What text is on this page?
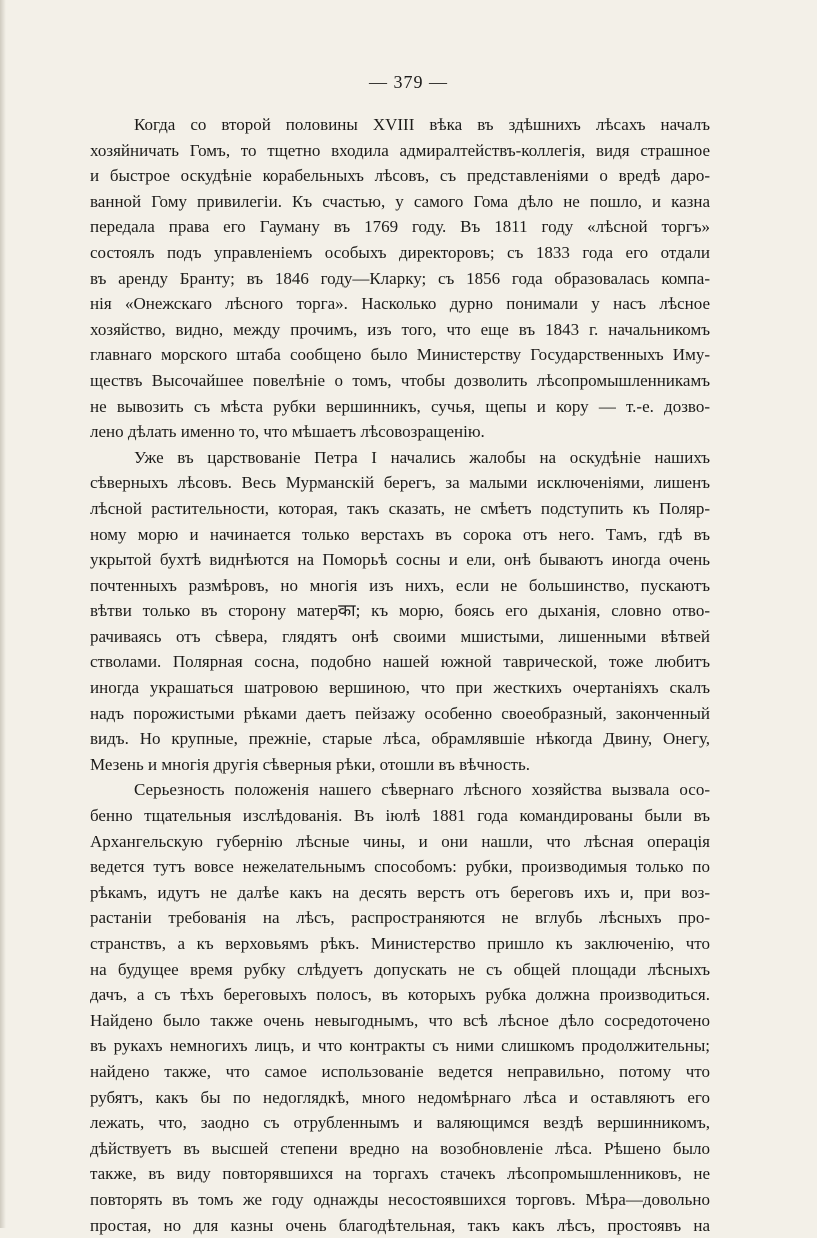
— 379 —
Когда со второй половины XVIII вѣка въ здѣшнихъ лѣсахъ началъ
хозяйничать Гомъ, то тщетно входила адмиралтействъ-коллегія, видя страшное
и быстрое оскудѣніе корабельныхъ лѣсовъ, съ представленіями о вредѣ даро-
ванной Гому привилегіи. Къ счастью, у самого Гома дѣло не пошло, и казна
передала права его Гауману въ 1769 году. Въ 1811 году «лѣсной торгъ»
состоялъ подъ управленіемъ особыхъ директоровъ; съ 1833 года его отдали
въ аренду Бранту; въ 1846 году—Кларку; съ 1856 года образовалась компа-
нія «Онежскаго лѣсного торга». Насколько дурно понимали у насъ лѣсное
хозяйство, видно, между прочимъ, изъ того, что еще въ 1843 г. начальникомъ
главнаго морского штаба сообщено было Министерству Государственныхъ Иму-
ществъ Высочайшее повелѣніе о томъ, чтобы дозволить лѣсопромышленникамъ
не вывозить съ мѣста рубки вершинникъ, сучья, щепы и кору — т.-е. дозво-
лено дѣлать именно то, что мѣшаетъ лѣсовозращенію.
Уже въ царствованіе Петра I начались жалобы на оскудѣніе нашихъ
сѣверныхъ лѣсовъ. Весь Мурманскій берегъ, за малыми исключеніями, лишенъ
лѣсной растительности, которая, такъ сказать, не смѣетъ подступить къ Поляр-
ному морю и начинается только верстахъ въ сорока отъ него. Тамъ, гдѣ въ
укрытой бухтѣ виднѣются на Поморьѣ сосны и ели, онѣ бываютъ иногда очень
почтенныхъ размѣровъ, но многія изъ нихъ, если не большинство, пускаютъ
вѣтви только въ сторону матерका; къ морю, боясь его дыханія, словно отво-
рачиваясь отъ сѣвера, глядятъ онѣ своими мшистыми, лишенными вѣтвей
стволами. Полярная сосна, подобно нашей южной таврической, тоже любитъ
иногда украшаться шатровою вершиною, что при жесткихъ очертаніяхъ скалъ
надъ порожистыми рѣками даетъ пейзажу особенно своеобразный, законченный
видъ. Но крупные, прежніе, старые лѣса, обрамлявшіе нѣкогда Двину, Онегу,
Мезень и многія другія сѣверныя рѣки, отошли въ вѣчность.
Серьезность положенія нашего сѣвернаго лѣсного хозяйства вызвала осо-
бенно тщательныя изслѣдованія. Въ іюлѣ 1881 года командированы были въ
Архангельскую губернію лѣсные чины, и они нашли, что лѣсная операція
ведется тутъ вовсе нежелательнымъ способомъ: рубки, производимыя только по
рѣкамъ, идутъ не далѣе какъ на десять верстъ отъ береговъ ихъ и, при воз-
растаніи требованія на лѣсъ, распространяются не вглубь лѣсныхъ про-
странствъ, а къ верховьямъ рѣкъ. Министерство пришло къ заключенію, что
на будущее время рубку слѣдуетъ допускать не съ общей площади лѣсныхъ
дачъ, а съ тѣхъ береговыхъ полосъ, въ которыхъ рубка должна производиться.
Найдено было также очень невыгоднымъ, что всѣ лѣсное дѣло сосредоточено
въ рукахъ немногихъ лицъ, и что контракты съ ними слишкомъ продолжительны;
найдено также, что самое использованіе ведется неправильно, потому что
рубятъ, какъ бы по недоглядкѣ, много недомѣрнаго лѣса и оставляютъ его
лежать, что, заодно съ отрубленнымъ и валяющимся вездѣ вершинникомъ,
дѣйствуетъ въ высшей степени вредно на возобновленіе лѣса. Рѣшено было
также, въ виду повторявшихся на торгахъ стачекъ лѣсопромышленниковъ, не
повторять въ томъ же году однажды несостоявшихся торговъ. Мѣра—довольно
простая, но для казны очень благодѣтельная, такъ какъ лѣсъ, простоявъ на
